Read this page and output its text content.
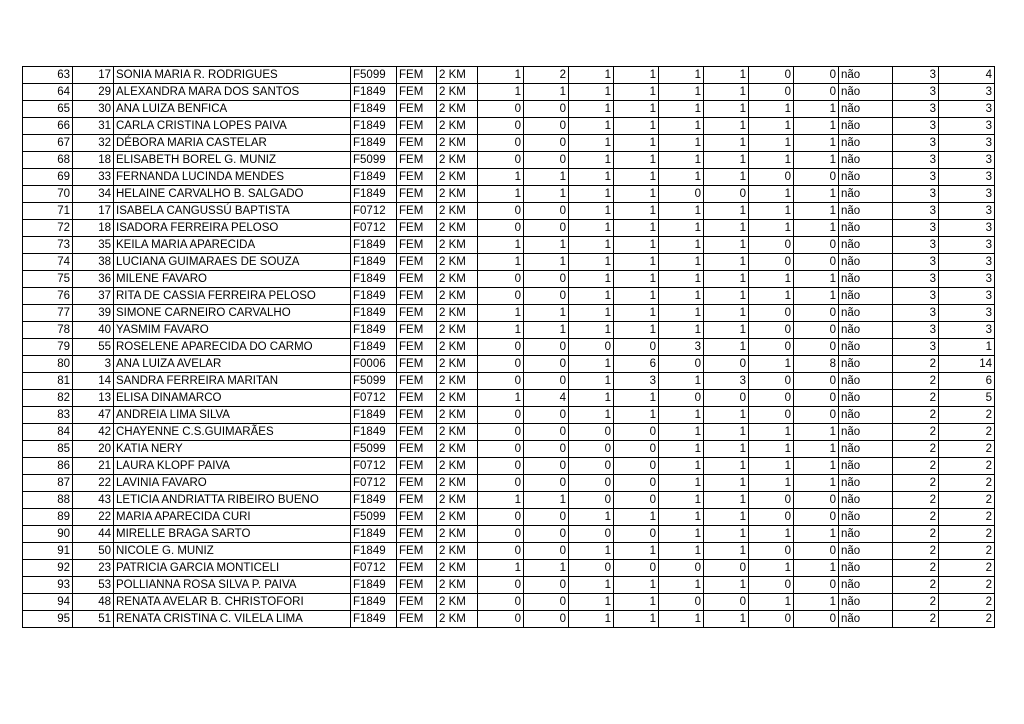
63	17	SONIA MARIA R. RODRIGUES	F5099	FEM	2 KM	1	2	1	1	1	1	0	0	não	3	4
64	29	ALEXANDRA MARA DOS SANTOS	F1849	FEM	2 KM	1	1	1	1	1	1	0	0	não	3	3
65	30	ANA LUIZA BENFICA	F1849	FEM	2 KM	0	0	1	1	1	1	1	1	não	3	3
66	31	CARLA CRISTINA LOPES PAIVA	F1849	FEM	2 KM	0	0	1	1	1	1	1	1	não	3	3
67	32	DÉBORA MARIA CASTELAR	F1849	FEM	2 KM	0	0	1	1	1	1	1	1	não	3	3
68	18	ELISABETH BOREL G. MUNIZ	F5099	FEM	2 KM	0	0	1	1	1	1	1	1	não	3	3
69	33	FERNANDA LUCINDA MENDES	F1849	FEM	2 KM	1	1	1	1	1	1	0	0	não	3	3
70	34	HELAINE CARVALHO B. SALGADO	F1849	FEM	2 KM	1	1	1	1	0	0	1	1	não	3	3
71	17	ISABELA CANGUSSÚ BAPTISTA	F0712	FEM	2 KM	0	0	1	1	1	1	1	1	não	3	3
72	18	ISADORA FERREIRA PELOSO	F0712	FEM	2 KM	0	0	1	1	1	1	1	1	não	3	3
73	35	KEILA MARIA APARECIDA	F1849	FEM	2 KM	1	1	1	1	1	1	0	0	não	3	3
74	38	LUCIANA GUIMARAES DE SOUZA	F1849	FEM	2 KM	1	1	1	1	1	1	0	0	não	3	3
75	36	MILENE FAVARO	F1849	FEM	2 KM	0	0	1	1	1	1	1	1	não	3	3
76	37	RITA DE CASSIA FERREIRA PELOSO	F1849	FEM	2 KM	0	0	1	1	1	1	1	1	não	3	3
77	39	SIMONE CARNEIRO CARVALHO	F1849	FEM	2 KM	1	1	1	1	1	1	0	0	não	3	3
78	40	YASMIM FAVARO	F1849	FEM	2 KM	1	1	1	1	1	1	0	0	não	3	3
79	55	ROSELENE APARECIDA DO CARMO	F1849	FEM	2 KM	0	0	0	0	3	1	0	0	não	3	1
80	3	ANA LUIZA AVELAR	F0006	FEM	2 KM	0	0	1	6	0	0	1	8	não	2	14
81	14	SANDRA FERREIRA MARITAN	F5099	FEM	2 KM	0	0	1	3	1	3	0	0	não	2	6
82	13	ELISA DINAMARCO	F0712	FEM	2 KM	1	4	1	1	0	0	0	0	não	2	5
83	47	ANDREIA LIMA SILVA	F1849	FEM	2 KM	0	0	1	1	1	1	0	0	não	2	2
84	42	CHAYENNE C.S.GUIMARÃES	F1849	FEM	2 KM	0	0	0	0	1	1	1	1	não	2	2
85	20	KATIA NERY	F5099	FEM	2 KM	0	0	0	0	1	1	1	1	não	2	2
86	21	LAURA KLOPF PAIVA	F0712	FEM	2 KM	0	0	0	0	1	1	1	1	não	2	2
87	22	LAVINIA FAVARO	F0712	FEM	2 KM	0	0	0	0	1	1	1	1	não	2	2
88	43	LETICIA ANDRIATTA RIBEIRO BUENO	F1849	FEM	2 KM	1	1	0	0	1	1	0	0	não	2	2
89	22	MARIA APARECIDA CURI	F5099	FEM	2 KM	0	0	1	1	1	1	0	0	não	2	2
90	44	MIRELLE BRAGA SARTO	F1849	FEM	2 KM	0	0	0	0	1	1	1	1	não	2	2
91	50	NICOLE G. MUNIZ	F1849	FEM	2 KM	0	0	1	1	1	1	0	0	não	2	2
92	23	PATRICIA GARCIA MONTICELI	F0712	FEM	2 KM	1	1	0	0	0	0	1	1	não	2	2
93	53	POLLIANNA ROSA SILVA P. PAIVA	F1849	FEM	2 KM	0	0	1	1	1	1	0	0	não	2	2
94	48	RENATA AVELAR B. CHRISTOFORI	F1849	FEM	2 KM	0	0	1	1	0	0	1	1	não	2	2
95	51	RENATA CRISTINA C. VILELA LIMA	F1849	FEM	2 KM	0	0	1	1	1	1	0	0	não	2	2
